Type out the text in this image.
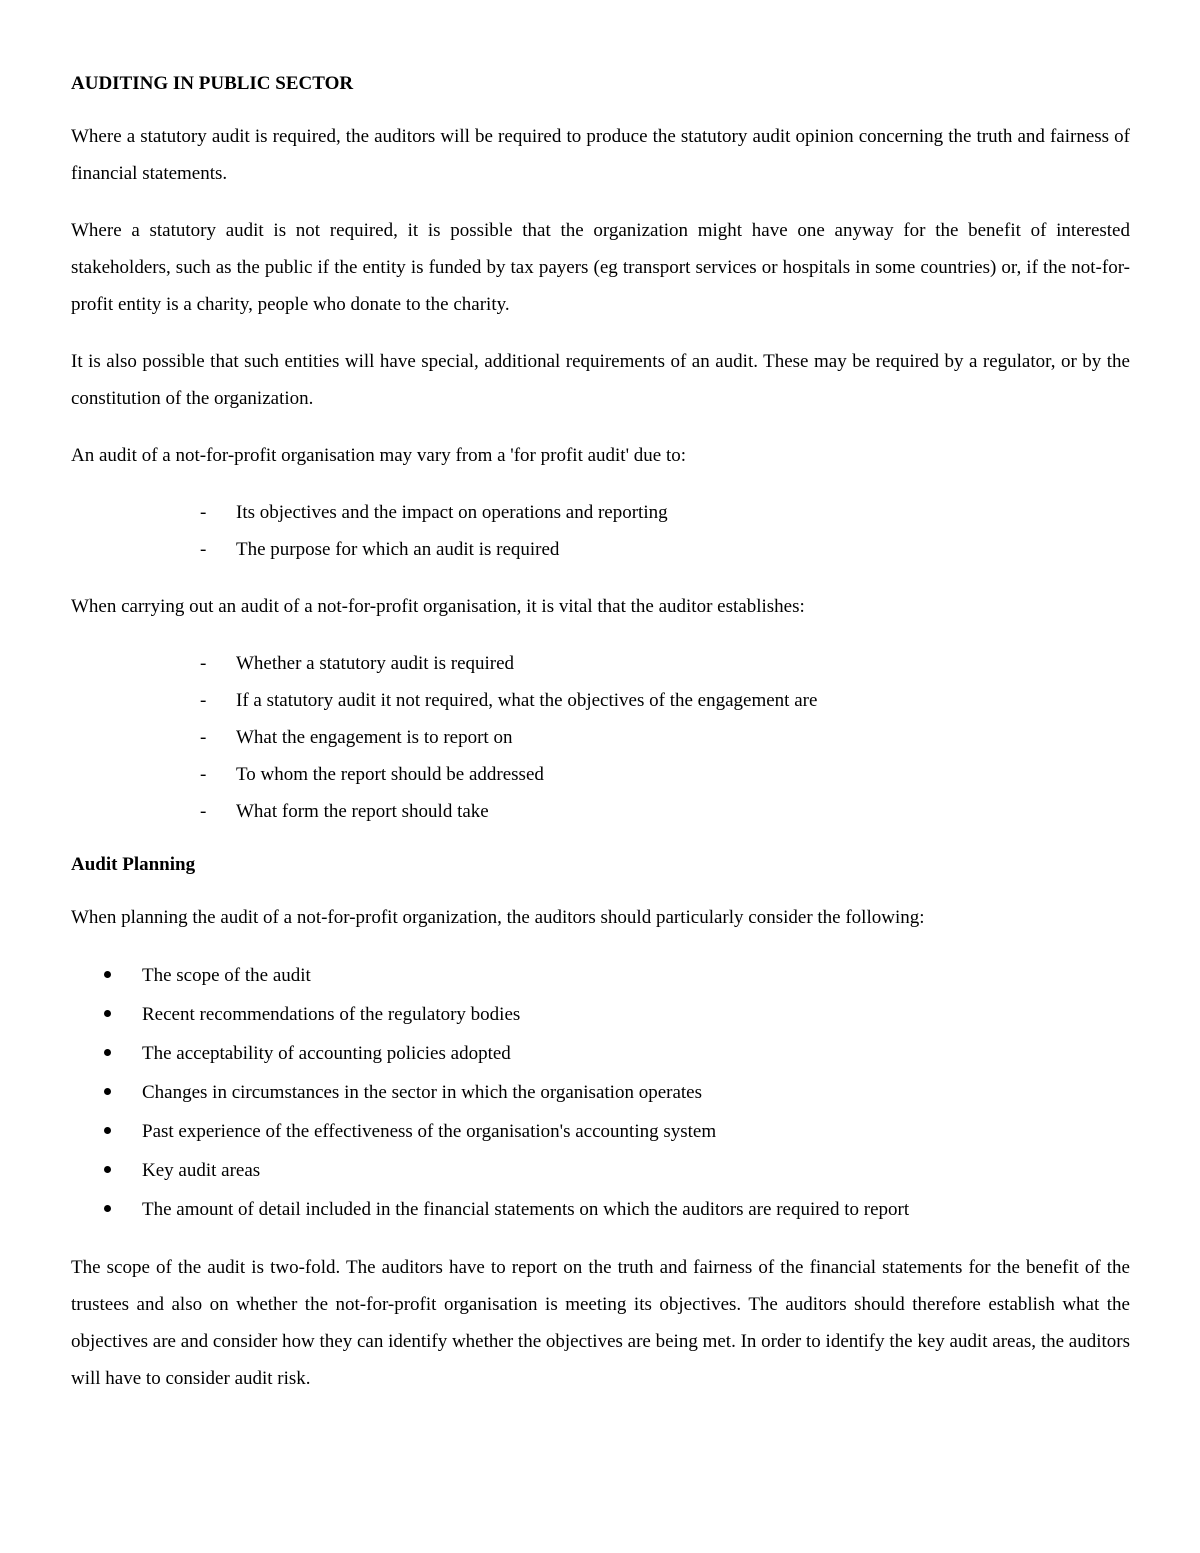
AUDITING IN PUBLIC SECTOR

Where a statutory audit is required, the auditors will be required to produce the statutory audit opinion concerning the truth and fairness of financial statements.

Where a statutory audit is not required, it is possible that the organization might have one anyway for the benefit of interested stakeholders, such as the public if the entity is funded by tax payers (eg transport services or hospitals in some countries) or, if the not-for-profit entity is a charity, people who donate to the charity.

It is also possible that such entities will have special, additional requirements of an audit. These may be required by a regulator, or by the constitution of the organization.

An audit of a not-for-profit organisation may vary from a 'for profit audit' due to:

- Its objectives and the impact on operations and reporting
- The purpose for which an audit is required

When carrying out an audit of a not-for-profit organisation, it is vital that the auditor establishes:

- Whether a statutory audit is required
- If a statutory audit it not required, what the objectives of the engagement are
- What the engagement is to report on
- To whom the report should be addressed
- What form the report should take
Audit Planning

When planning the audit of a not-for-profit organization, the auditors should particularly consider the following:

The scope of the audit
Recent recommendations of the regulatory bodies
The acceptability of accounting policies adopted
Changes in circumstances in the sector in which the organisation operates
Past experience of the effectiveness of the organisation's accounting system
Key audit areas
The amount of detail included in the financial statements on which the auditors are required to report

The scope of the audit is two-fold. The auditors have to report on the truth and fairness of the financial statements for the benefit of the trustees and also on whether the not-for-profit organisation is meeting its objectives. The auditors should therefore establish what the objectives are and consider how they can identify whether the objectives are being met. In order to identify the key audit areas, the auditors will have to consider audit risk.
